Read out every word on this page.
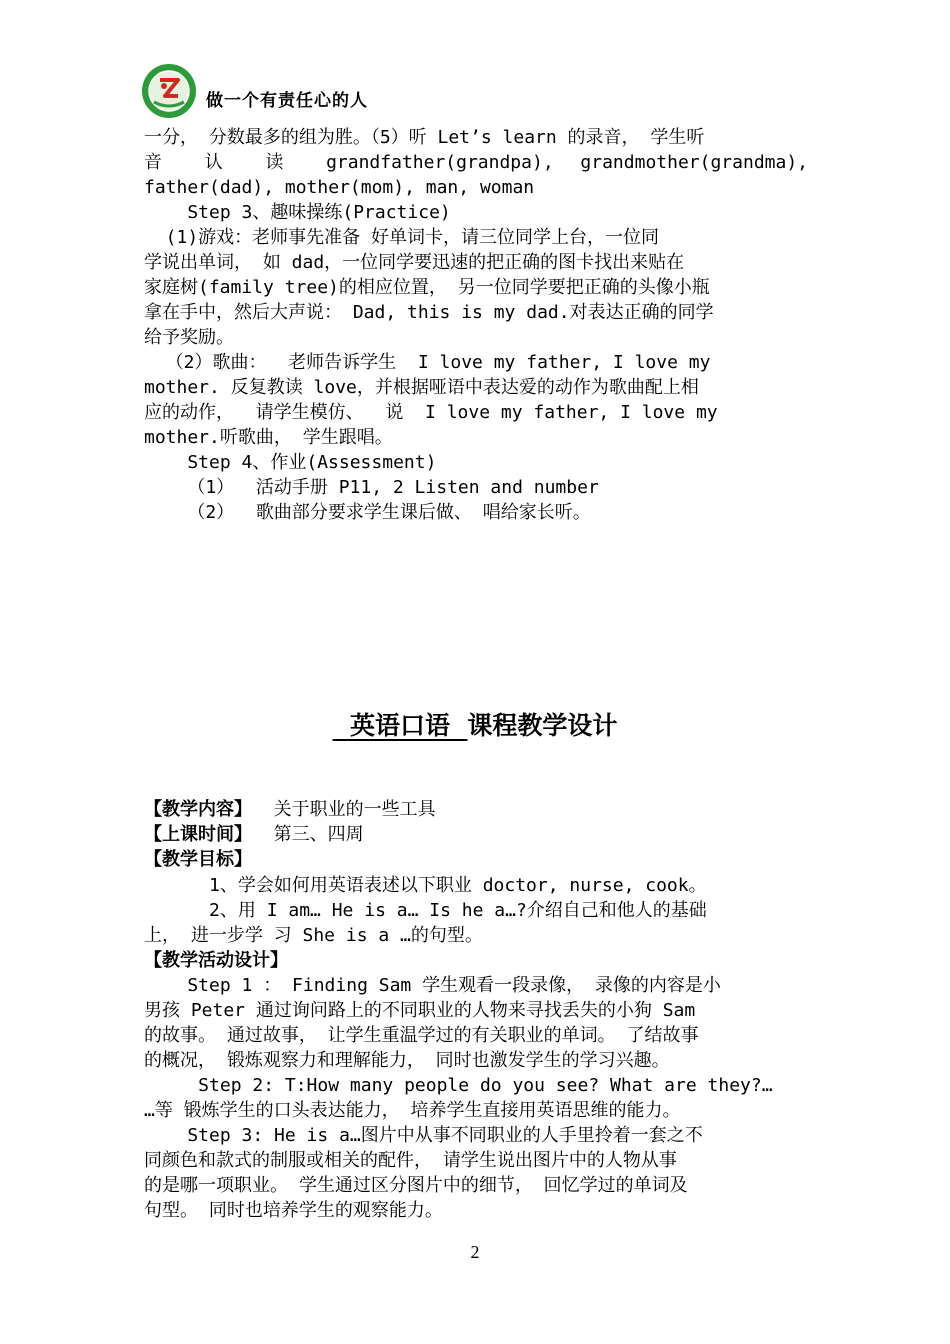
做一个有责任心的人
一分， 分数最多的组为胜。（5）听 Let’s learn 的录音， 学生听
音 认 读 grandfather(grandpa), grandmother(grandma),
father(dad), mother(mom), man, woman
Step 3、趣味操练(Practice)
(1)游戏：老师事先准备 好单词卡，请三位同学上台，一位同
学说出单词， 如 dad，一位同学要迅速的把正确的图卡找出来贴在
家庭树(family tree)的相应位置， 另一位同学要把正确的头像小瓶
拿在手中，然后大声说： Dad, this is my dad.对表达正确的同学
给予奖励。
（2）歌曲：  老师告诉学生  I love my father, I love my
mother. 反复教读 love，并根据哑语中表达爱的动作为歌曲配上相
应的动作，  请学生模仿、  说  I love my father, I love my
mother.听歌曲， 学生跟唱。
Step 4、作业(Assessment)
（1）  活动手册 P11, 2 Listen and number
（2）  歌曲部分要求学生课后做、 唱给家长听。
英语口语  课程教学设计
【教学内容】  关于职业的一些工具
【上课时间】  第三、四周
【教学目标】
1、学会如何用英语表述以下职业 doctor, nurse, cook。
2、用 I am… He is a… Is he a…?介绍自己和他人的基础
上， 进一步学 习 She is a …的句型。
【教学活动设计】
Step 1 ： Finding Sam 学生观看一段录像， 录像的内容是小
男孩 Peter 通过询问路上的不同职业的人物来寻找丢失的小狗 Sam
的故事。 通过故事， 让学生重温学过的有关职业的单词。 了结故事
的概况， 锻炼观察力和理解能力， 同时也激发学生的学习兴趣。
Step 2: T:How many people do you see? What are they?…
…等 锻炼学生的口头表达能力， 培养学生直接用英语思维的能力。
Step 3: He is a…图片中从事不同职业的人手里拎着一套之不
同颜色和款式的制服或相关的配件， 请学生说出图片中的人物从事
的是哪一项职业。 学生通过区分图片中的细节， 回忆学过的单词及
句型。 同时也培养学生的观察能力。
2
